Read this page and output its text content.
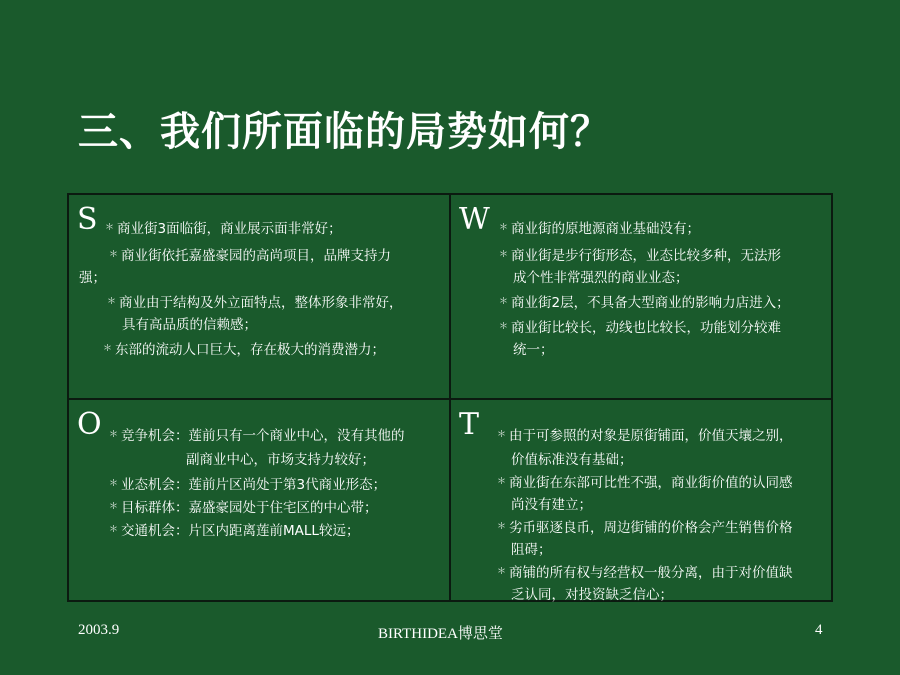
三、我们所面临的局势如何？
S ＊ 商业街3面临街，商业展示面非常好；
＊ 商业街依托嘉盛豪园的高尚项目，品牌支持力
强；
＊ 商业由于结构及外立面特点，整体形象非常好，
具有高品质的信赖感；
＊ 东部的流动人口巨大，存在极大的消费潜力；
W ＊ 商业街的原地源商业基础没有；
＊ 商业街是步行街形态，业态比较多种，无法形
成个性非常强烈的商业业态；
＊ 商业街2层，不具备大型商业的影响力店进入；
＊ 商业街比较长，动线也比较长，功能划分较难
统一；
O ＊ 竞争机会：莲前只有一个商业中心，没有其他的
副商业中心，市场支持力较好；
＊ 业态机会：莲前片区尚处于第3代商业形态；
＊ 目标群体：嘉盛豪园处于住宅区的中心带；
＊ 交通机会：片区内距离莲前MALL较远；
T ＊ 由于可参照的对象是原街铺面，价值天壤之别，
价值标准没有基础；
＊ 商业街在东部可比性不强，商业街价值的认同感
尚没有建立；
＊ 劣币驱逐良币，周边街铺的价格会产生销售价格
阻碍；
＊ 商铺的所有权与经营权一般分离，由于对价值缺
乏认同，对投资缺乏信心；
2003.9	BIRTHIDEA博思堂	4
